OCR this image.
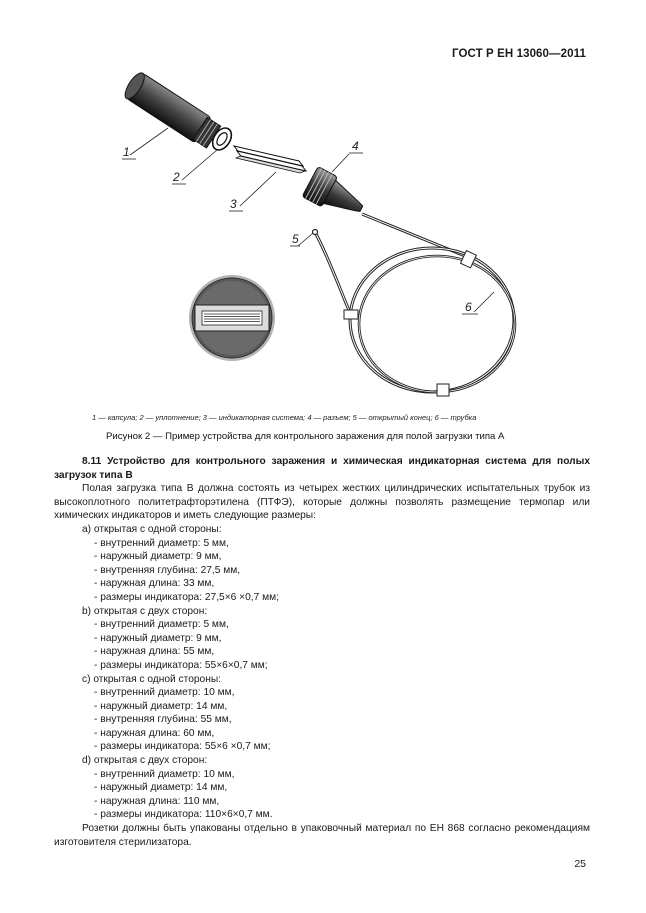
ГОСТ Р ЕН 13060—2011
1
2
3
4
5
6
1 — капсула; 2 — уплотнение; 3 — индикаторная система; 4 — разъем; 5 — открытый конец; 6 — трубка
Рисунок 2 — Пример устройства для контрольного заражения для полой загрузки типа А

8.11 Устройство для контрольного заражения и химическая индикаторная система для полых загрузок типа В

Полая загрузка типа В должна состоять из четырех жестких цилиндрических испытательных трубок из высокоплотного политетрафторэтилена (ПТФЭ), которые должны позволять размещение термопар или химических индикаторов и иметь следующие размеры:

a) открытая с одной стороны:
- внутренний диаметр: 5 мм,
- наружный диаметр: 9 мм,
- внутренняя глубина: 27,5 мм,
- наружная длина: 33 мм,
- размеры индикатора: 27,5×6 ×0,7 мм;
b) открытая с двух сторон:
- внутренний диаметр: 5 мм,
- наружный диаметр: 9 мм,
- наружная длина: 55 мм,
- размеры индикатора: 55×6×0,7 мм;
c) открытая с одной стороны:
- внутренний диаметр: 10 мм,
- наружный диаметр: 14 мм,
- внутренняя глубина: 55 мм,
- наружная длина: 60 мм,
- размеры индикатора: 55×6 ×0,7 мм;
d) открытая с двух сторон:
- внутренний диаметр: 10 мм,
- наружный диаметр: 14 мм,
- наружная длина: 110 мм,
- размеры индикатора: 110×6×0,7 мм.

Розетки должны быть упакованы отдельно в упаковочный материал по ЕН 868 согласно рекомендациям изготовителя стерилизатора.

25
